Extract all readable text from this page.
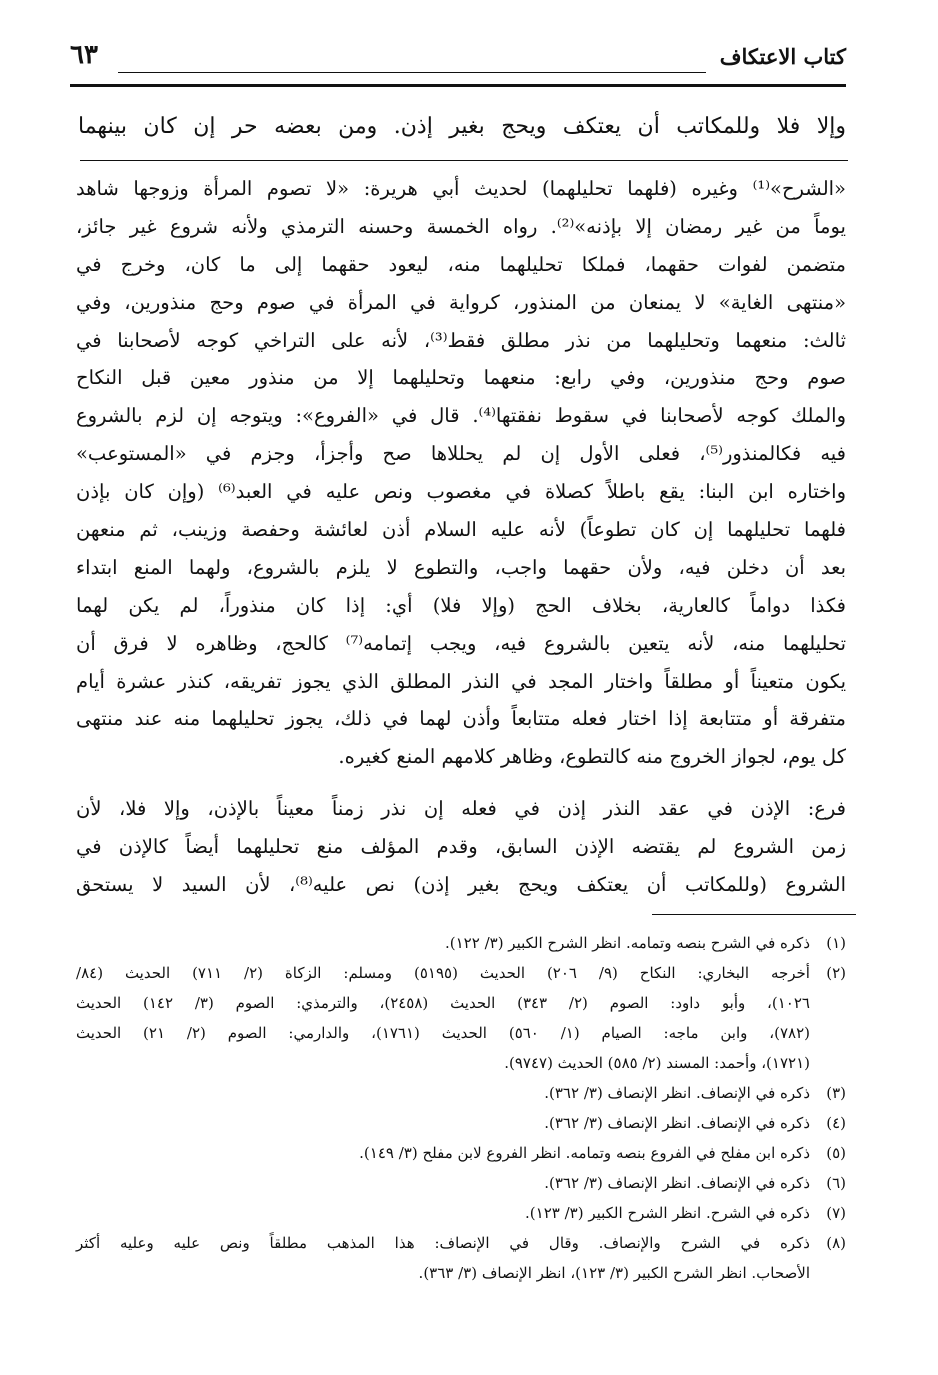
كتاب الاعتكاف
٦٣
وإلا فلا وللمكاتب أن يعتكف ويحج بغير إذن. ومن بعضه حر إن كان بينهما
«الشرح»⁽¹⁾ وغيره (فلهما تحليلهما) لحديث أبي هريرة: «لا تصوم المرأة وزوجها شاهد
يوماً من غير رمضان إلا بإذنه»⁽²⁾. رواه الخمسة وحسنه الترمذي ولأنه شروع غير جائز،
متضمن لفوات حقهما، فملكا تحليلهما منه، ليعود حقهما إلى ما كان، وخرج في
«منتهى الغاية» لا يمنعان من المنذور، كرواية في المرأة في صوم وحج منذورين، وفي
ثالث: منعهما وتحليلهما من نذر مطلق فقط⁽³⁾، لأنه على التراخي كوجه لأصحابنا في
صوم وحج منذورين، وفي رابع: منعهما وتحليلهما إلا من منذور معين قبل النكاح
والملك كوجه لأصحابنا في سقوط نفقتها⁽⁴⁾. قال في «الفروع»: ويتوجه إن لزم بالشروع
فيه فكالمنذور⁽⁵⁾، فعلى الأول إن لم يحللاها صح وأجزأ، وجزم في «المستوعب»
واختاره ابن البنا: يقع باطلاً كصلاة في مغصوب ونص عليه في العبد⁽⁶⁾ (وإن كان بإذن
فلهما تحليلهما إن كان تطوعاً) لأنه عليه السلام أذن لعائشة وحفصة وزينب، ثم منعهن
بعد أن دخلن فيه، ولأن حقهما واجب، والتطوع لا يلزم بالشروع، ولهما المنع ابتداء
فكذا دواماً كالعارية، بخلاف الحج (وإلا فلا) أي: إذا كان منذوراً، لم يكن لهما
تحليلهما منه، لأنه يتعين بالشروع فيه، ويجب إتمامه⁽⁷⁾ كالحج، وظاهره لا فرق أن
يكون متعيناً أو مطلقاً واختار المجد في النذر المطلق الذي يجوز تفريقه، كنذر عشرة أيام
متفرقة أو متتابعة إذا اختار فعله متتابعاً وأذن لهما في ذلك، يجوز تحليلهما منه عند منتهى
كل يوم، لجواز الخروج منه كالتطوع، وظاهر كلامهم المنع كغيره.
فرع: الإذن في عقد النذر إذن في فعله إن نذر زمناً معيناً بالإذن، وإلا فلا، لأن
زمن الشروع لم يقتضه الإذن السابق، وقدم المؤلف منع تحليلهما أيضاً كالإذن في
الشروع (وللمكاتب أن يعتكف ويحج بغير إذن) نص عليه⁽⁸⁾، لأن السيد لا يستحق
(١)ذكره في الشرح بنصه وتمامه. انظر الشرح الكبير (٣/ ١٢٢).
(٢)أخرجه البخاري: النكاح (٩/ ٢٠٦) الحديث (٥١٩٥) ومسلم: الزكاة (٢/ ٧١١) الحديث (٨٤/
١٠٢٦)، وأبو داود: الصوم (٢/ ٣٤٣) الحديث (٢٤٥٨)، والترمذي: الصوم (٣/ ١٤٢) الحديث
(٧٨٢)، وابن ماجه: الصيام (١/ ٥٦٠) الحديث (١٧٦١)، والدارمي: الصوم (٢/ ٢١) الحديث
(١٧٢١)، وأحمد: المسند (٢/ ٥٨٥) الحديث (٩٧٤٧).
(٣)ذكره في الإنصاف. انظر الإنصاف (٣/ ٣٦٢).
(٤)ذكره في الإنصاف. انظر الإنصاف (٣/ ٣٦٢).
(٥)ذكره ابن مفلح في الفروع بنصه وتمامه. انظر الفروع لابن مفلح (٣/ ١٤٩).
(٦)ذكره في الإنصاف. انظر الإنصاف (٣/ ٣٦٢).
(٧)ذكره في الشرح. انظر الشرح الكبير (٣/ ١٢٣).
(٨)ذكره في الشرح والإنصاف. وقال في الإنصاف: هذا المذهب مطلقاً ونص عليه وعليه أكثر
الأصحاب. انظر الشرح الكبير (٣/ ١٢٣)، انظر الإنصاف (٣/ ٣٦٣).
